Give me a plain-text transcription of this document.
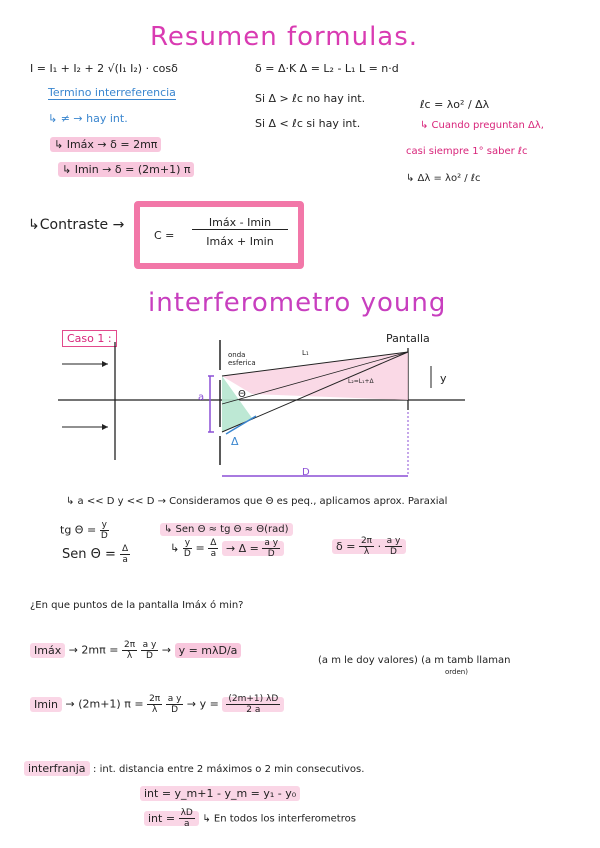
Resumen formulas.
I = I₁ + I₂ + 2 √(I₁ I₂) · cosδ	δ = Δ·K Δ = L₂ - L₁ L = n·d
Termino interreferencia
↳ ≠ → hay int.
↳ Imáx → δ = 2mπ
↳ Imin → δ = (2m+1) π
Si Δ > ℓc no hay int.
Si Δ < ℓc si hay int.
ℓc = λo² / Δλ
↳ Cuando preguntan Δλ,
casi siempre 1° saber ℓc
↳ Δλ = λo² / ℓc
↳Contraste →
C =
Imáx - Imin
Imáx + Imin
interferometro young
Caso 1 :	Pantalla
onda
esferica
L₁
L₂=L₁+Δ	y
a	Θ
Δ
D
↳ a << D y << D → Consideramos que Θ es peq., aplicamos aprox. Paraxial
tg $\Theta = \frac{y}{D}$	↳ Sen Θ ≈ tg Θ ≈ Θ(rad)
Sen $\Theta = \frac{\Delta}{a}$	↳ $\frac{y}{D} = \frac{\Delta}{a} \to \Delta = \frac{\text{a y}}{D}$	$\delta = \frac{2\pi}{\lambda} \cdot \frac{\text{a y}}{D}$
¿En que puntos de la pantalla Imáx ó min?
Imáx → $2m\pi = \frac{2\pi}{\lambda}$
$\frac{\text{a y}}{D} \to y = m\lambda D/a$
(a m le doy valores) (a m tamb llaman
orden)
Imin → (2m+1) $\pi = \frac{2\pi}{\lambda}$
$\frac{\text{a y}}{D} \to y = \frac{(2m+1) \lambda D}{2 a}$
interfranja : int. distancia entre 2 máximos o 2 min consecutivos.
int = y_m+1 - y_m = y₁ - y₀
int = $\frac{\lambda D}{a}$ ↳ En todos los interferometros
